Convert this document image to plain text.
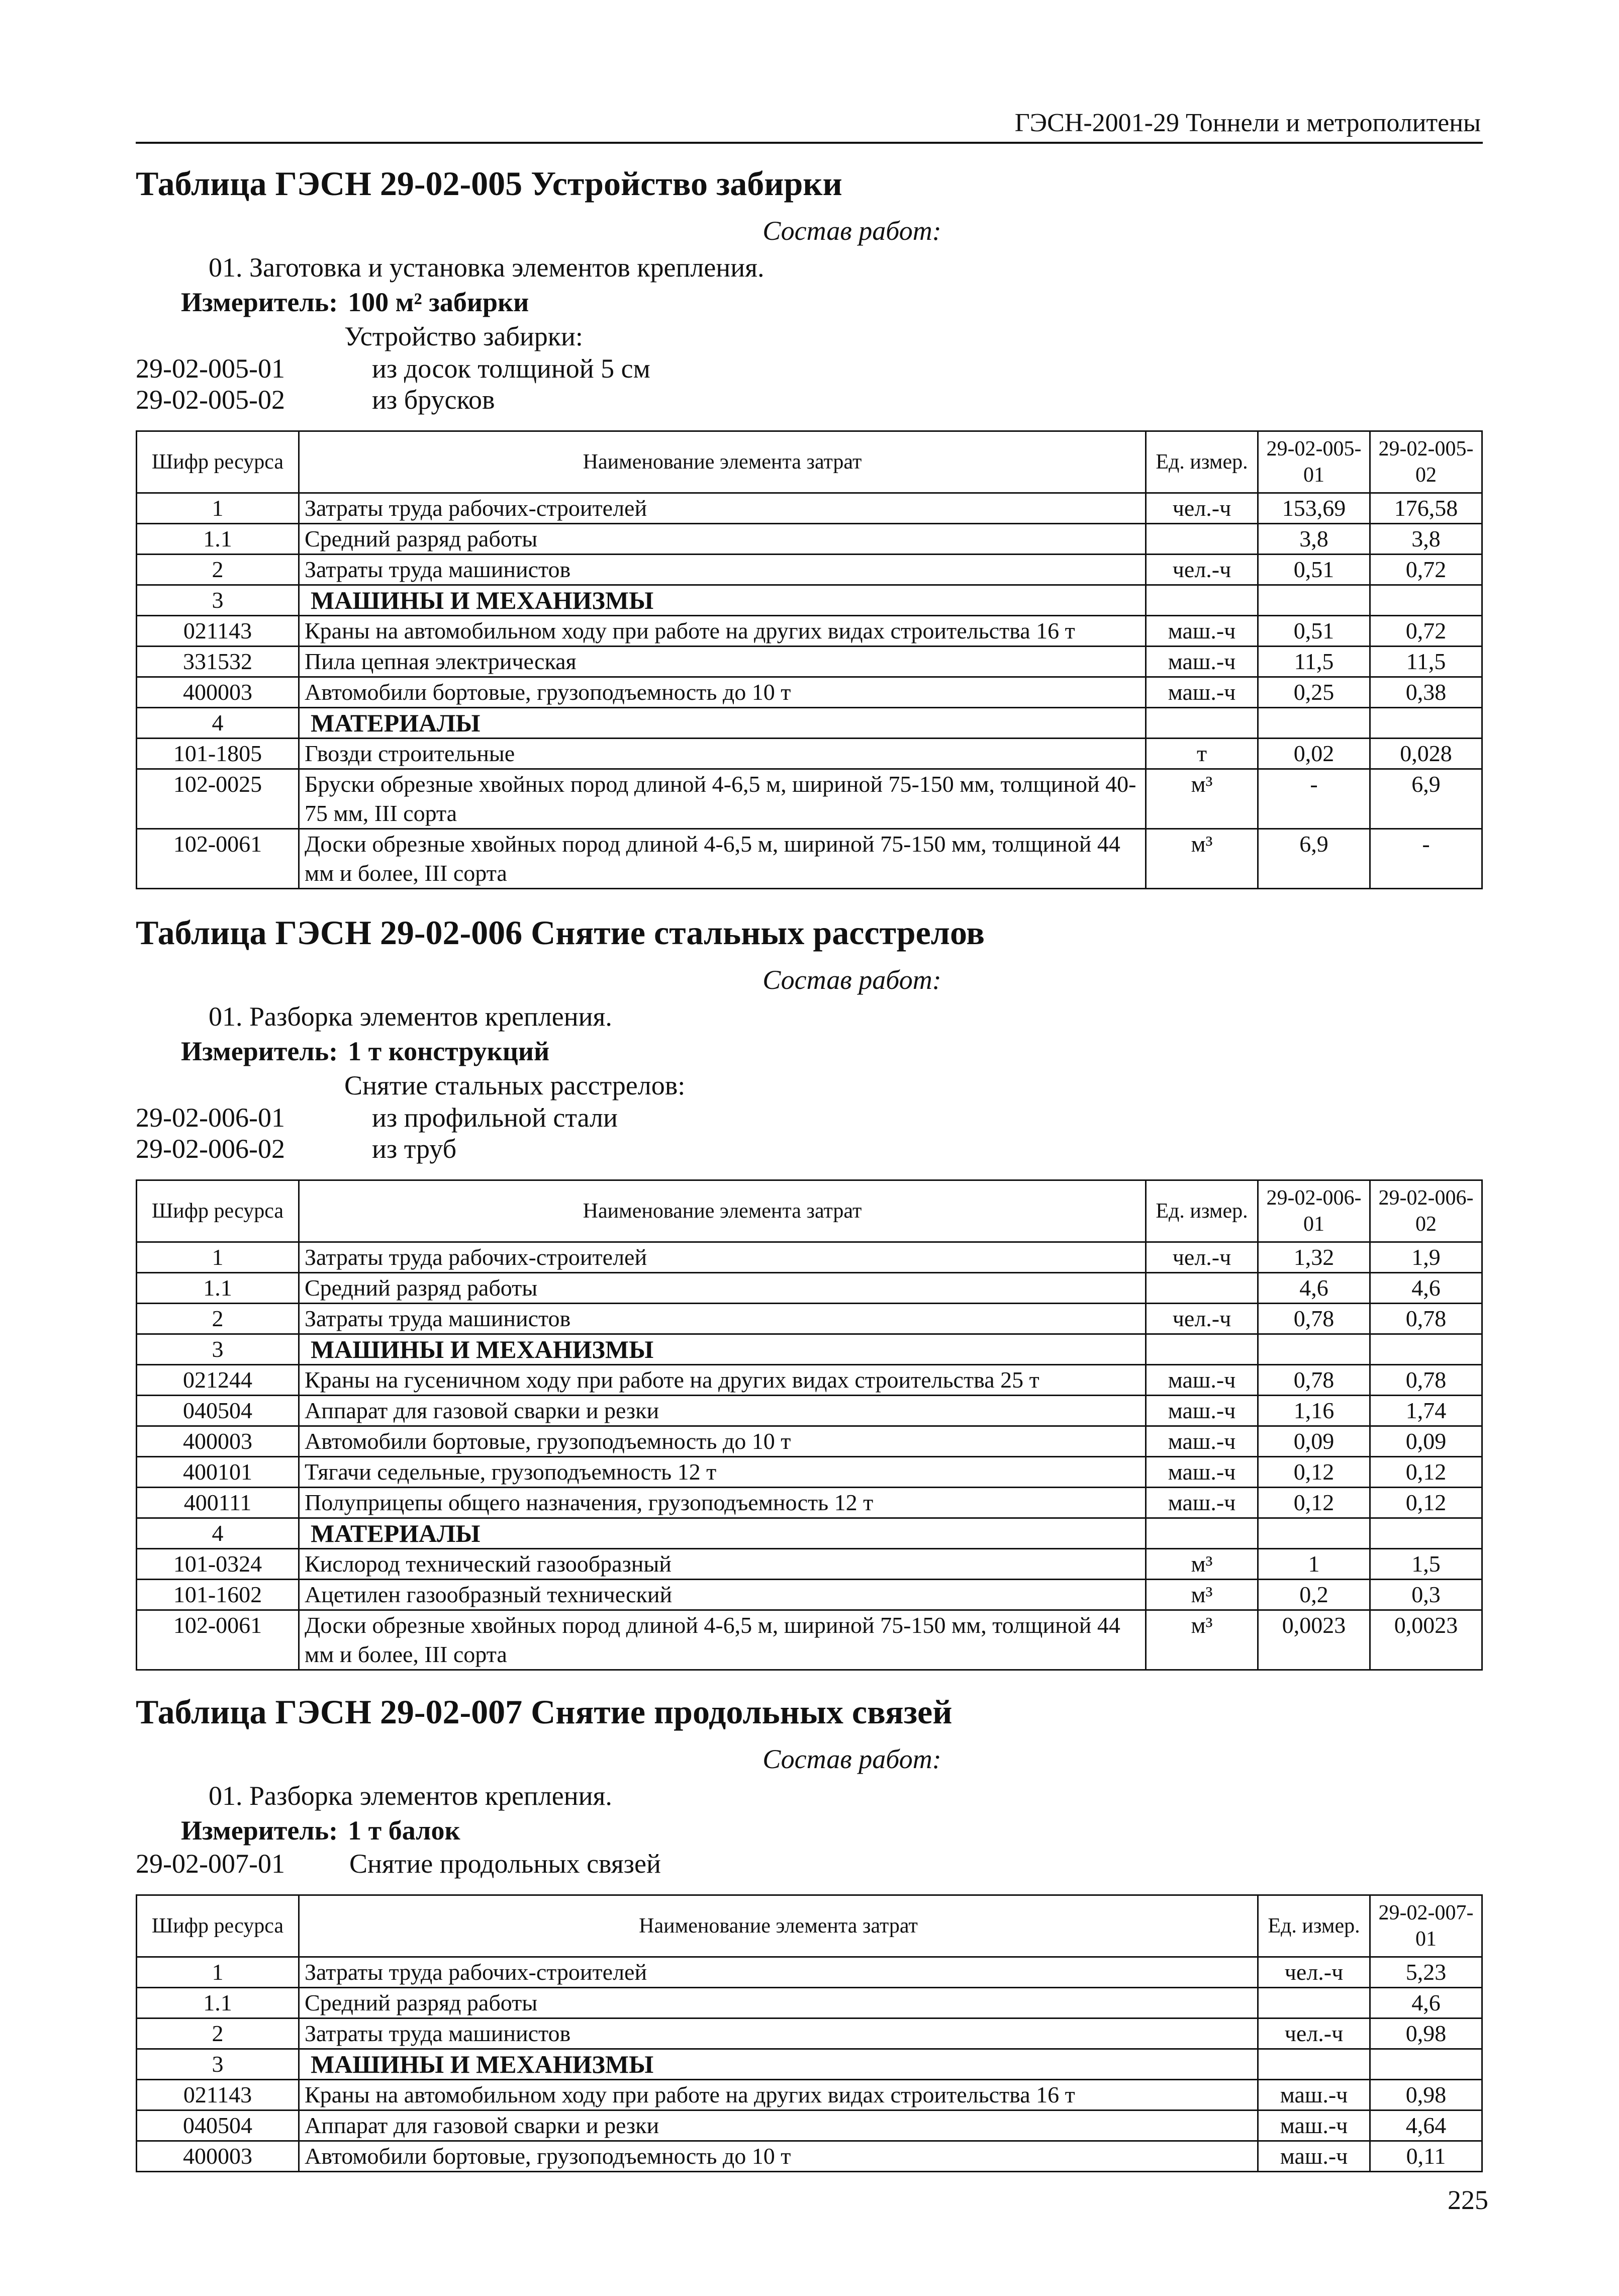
ГЭСН-2001-29 Тоннели и метрополитены
Таблица ГЭСН 29-02-005 Устройство забирки
Состав работ:
01. Заготовка и установка элементов крепления.
Измеритель: 100 м² забирки
Устройство забирки:
29-02-005-01	из досок толщиной 5 см
29-02-005-02	из брусков
Шифр ресурса	Наименование элемента затрат	Ед. измер.	29-02-005-01	29-02-005-02
1	Затраты труда рабочих-строителей	чел.-ч	153,69	176,58
1.1	Средний разряд работы		3,8	3,8
2	Затраты труда машинистов	чел.-ч	0,51	0,72
3	МАШИНЫ И МЕХАНИЗМЫ			
021143	Краны на автомобильном ходу при работе на других видах строительства 16 т	маш.-ч	0,51	0,72
331532	Пила цепная электрическая	маш.-ч	11,5	11,5
400003	Автомобили бортовые, грузоподъемность до 10 т	маш.-ч	0,25	0,38
4	МАТЕРИАЛЫ			
101-1805	Гвозди строительные	т	0,02	0,028
102-0025	Бруски обрезные хвойных пород длиной 4-6,5 м, шириной 75-150 мм, толщиной 40-75 мм, III сорта	м³	-	6,9
102-0061	Доски обрезные хвойных пород длиной 4-6,5 м, шириной 75-150 мм, толщиной 44 мм и более, III сорта	м³	6,9	-
Таблица ГЭСН 29-02-006 Снятие стальных расстрелов
Состав работ:
01. Разборка элементов крепления.
Измеритель: 1 т конструкций
Снятие стальных расстрелов:
29-02-006-01	из профильной стали
29-02-006-02	из труб
Шифр ресурса	Наименование элемента затрат	Ед. измер.	29-02-006-01	29-02-006-02
1	Затраты труда рабочих-строителей	чел.-ч	1,32	1,9
1.1	Средний разряд работы		4,6	4,6
2	Затраты труда машинистов	чел.-ч	0,78	0,78
3	МАШИНЫ И МЕХАНИЗМЫ			
021244	Краны на гусеничном ходу при работе на других видах строительства 25 т	маш.-ч	0,78	0,78
040504	Аппарат для газовой сварки и резки	маш.-ч	1,16	1,74
400003	Автомобили бортовые, грузоподъемность до 10 т	маш.-ч	0,09	0,09
400101	Тягачи седельные, грузоподъемность 12 т	маш.-ч	0,12	0,12
400111	Полуприцепы общего назначения, грузоподъемность 12 т	маш.-ч	0,12	0,12
4	МАТЕРИАЛЫ			
101-0324	Кислород технический газообразный	м³	1	1,5
101-1602	Ацетилен газообразный технический	м³	0,2	0,3
102-0061	Доски обрезные хвойных пород длиной 4-6,5 м, шириной 75-150 мм, толщиной 44 мм и более, III сорта	м³	0,0023	0,0023
Таблица ГЭСН 29-02-007 Снятие продольных связей
Состав работ:
01. Разборка элементов крепления.
Измеритель: 1 т балок
29-02-007-01	Снятие продольных связей
Шифр ресурса	Наименование элемента затрат	Ед. измер.	29-02-007-01
1	Затраты труда рабочих-строителей	чел.-ч	5,23
1.1	Средний разряд работы		4,6
2	Затраты труда машинистов	чел.-ч	0,98
3	МАШИНЫ И МЕХАНИЗМЫ		
021143	Краны на автомобильном ходу при работе на других видах строительства 16 т	маш.-ч	0,98
040504	Аппарат для газовой сварки и резки	маш.-ч	4,64
400003	Автомобили бортовые, грузоподъемность до 10 т	маш.-ч	0,11
225
